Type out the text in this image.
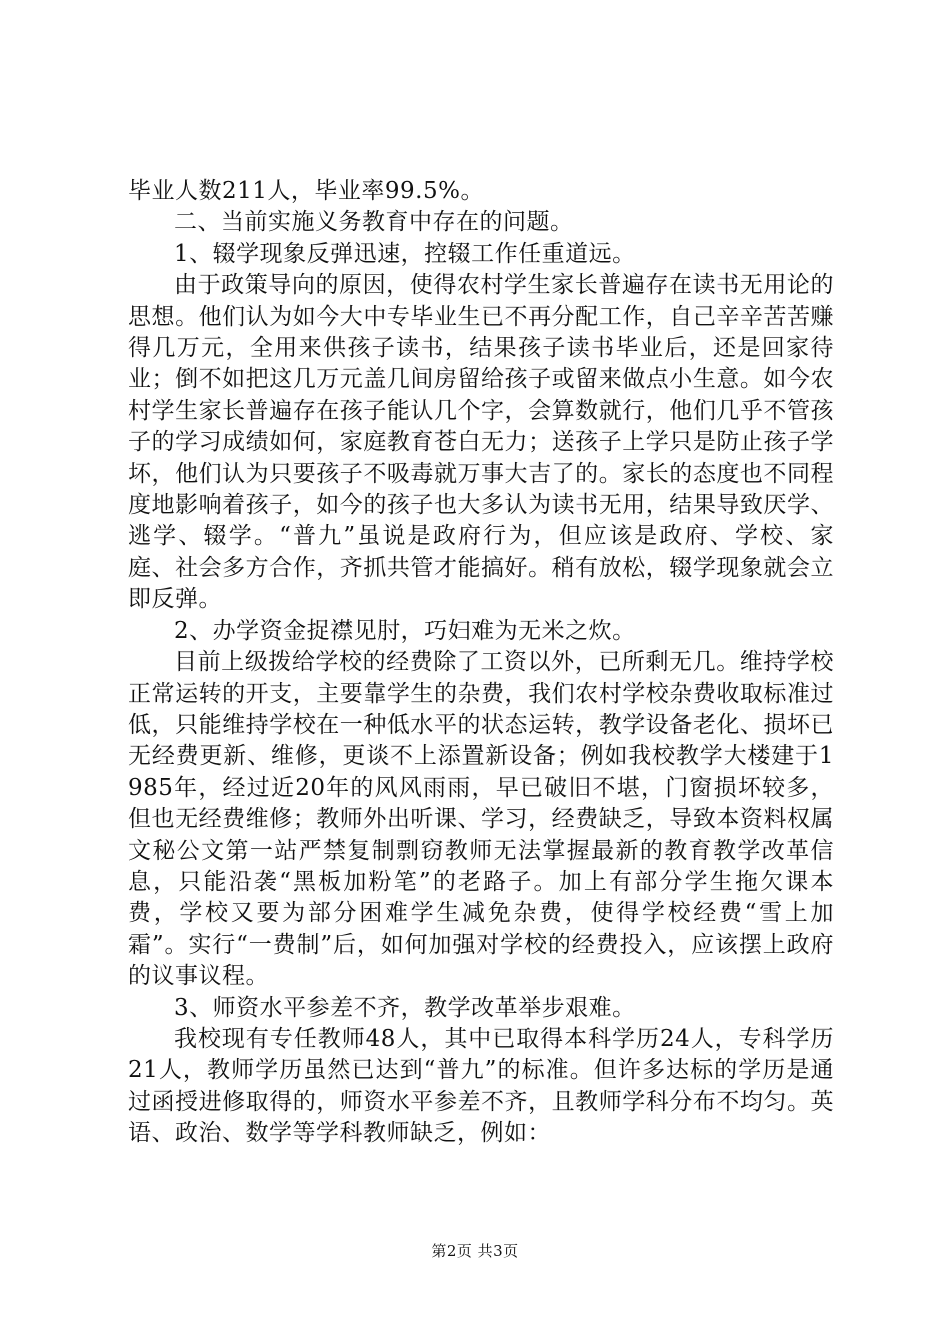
毕业人数211人，毕业率99.5%。

二、当前实施义务教育中存在的问题。

1、辍学现象反弹迅速，控辍工作任重道远。

由于政策导向的原因，使得农村学生家长普遍存在读书无用论的思想。他们认为如今大中专毕业生已不再分配工作，自己辛辛苦苦赚得几万元，全用来供孩子读书，结果孩子读书毕业后，还是回家待业；倒不如把这几万元盖几间房留给孩子或留来做点小生意。如今农村学生家长普遍存在孩子能认几个字，会算数就行，他们几乎不管孩子的学习成绩如何，家庭教育苍白无力；送孩子上学只是防止孩子学坏，他们认为只要孩子不吸毒就万事大吉了的。家长的态度也不同程度地影响着孩子，如今的孩子也大多认为读书无用，结果导致厌学、逃学、辍学。“普九”虽说是政府行为，但应该是政府、学校、家庭、社会多方合作，齐抓共管才能搞好。稍有放松，辍学现象就会立即反弹。

2、办学资金捉襟见肘，巧妇难为无米之炊。

目前上级拨给学校的经费除了工资以外，已所剩无几。维持学校正常运转的开支，主要靠学生的杂费，我们农村学校杂费收取标准过低，只能维持学校在一种低水平的状态运转，教学设备老化、损坏已无经费更新、维修，更谈不上添置新设备；例如我校教学大楼建于1985年，经过近20年的风风雨雨，早已破旧不堪，门窗损坏较多，但也无经费维修；教师外出听课、学习，经费缺乏，导致本资料权属文秘公文第一站严禁复制剽窃教师无法掌握最新的教育教学改革信息，只能沿袭“黑板加粉笔”的老路子。加上有部分学生拖欠课本费，学校又要为部分困难学生减免杂费，使得学校经费“雪上加霜”。实行“一费制”后，如何加强对学校的经费投入，应该摆上政府的议事议程。

3、师资水平参差不齐，教学改革举步艰难。

我校现有专任教师48人，其中已取得本科学历24人，专科学历21人，教师学历虽然已达到“普九”的标准。但许多达标的学历是通过函授进修取得的，师资水平参差不齐，且教师学科分布不均匀。英语、政治、数学等学科教师缺乏，例如：

第2页 共3页
